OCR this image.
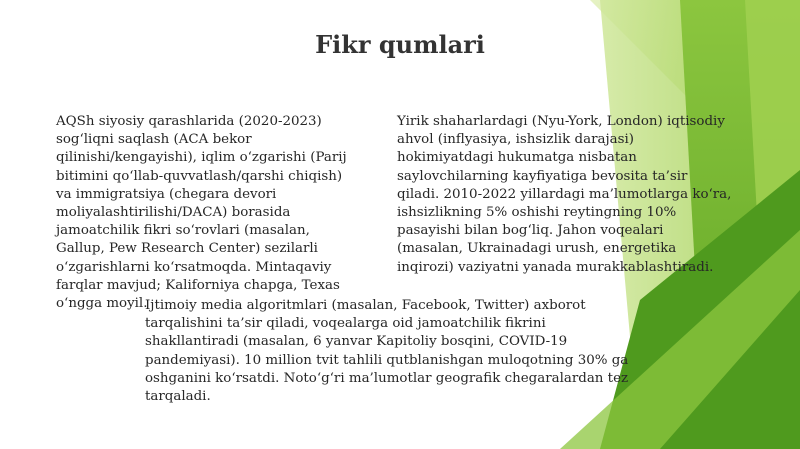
Fikr qumlari
AQSh siyosiy qarashlarida (2020-2023)
sog‘liqni saqlash (ACA bekor
qilinishi/kengayishi), iqlim o‘zgarishi (Parij
bitimini qo‘llab-quvvatlash/qarshi chiqish)
va immigratsiya (chegara devori
moliyalashtirilishi/DACA) borasida
jamoatchilik fikri so‘rovlari (masalan,
Gallup, Pew Research Center) sezilarli
o‘zgarishlarni ko‘rsatmoqda. Mintaqaviy
farqlar mavjud; Kaliforniya chapga, Texas
o‘ngga moyil.
Yirik shaharlardagi (Nyu-York, London) iqtisodiy
ahvol (inflyasiya, ishsizlik darajasi)
hokimiyatdagi hukumatga nisbatan
saylovchilarning kayfiyatiga bevosita ta’sir
qiladi. 2010-2022 yillardagi ma’lumotlarga ko‘ra,
ishsizlikning 5% oshishi reytingning 10%
pasayishi bilan bog‘liq. Jahon voqealari
(masalan, Ukrainadagi urush, energetika
inqirozi) vaziyatni yanada murakkablashtiradi.
Ijtimoiy media algoritmlari (masalan, Facebook, Twitter) axborot
tarqalishini ta’sir qiladi, voqealarga oid jamoatchilik fikrini
shakllantiradi (masalan, 6 yanvar Kapitoliy bosqini, COVID-19
pandemiyasi). 10 million tvit tahlili qutblanishgan muloqotning 30% ga
oshganini ko‘rsatdi. Noto‘g‘ri ma’lumotlar geografik chegaralardan tez
tarqaladi.
